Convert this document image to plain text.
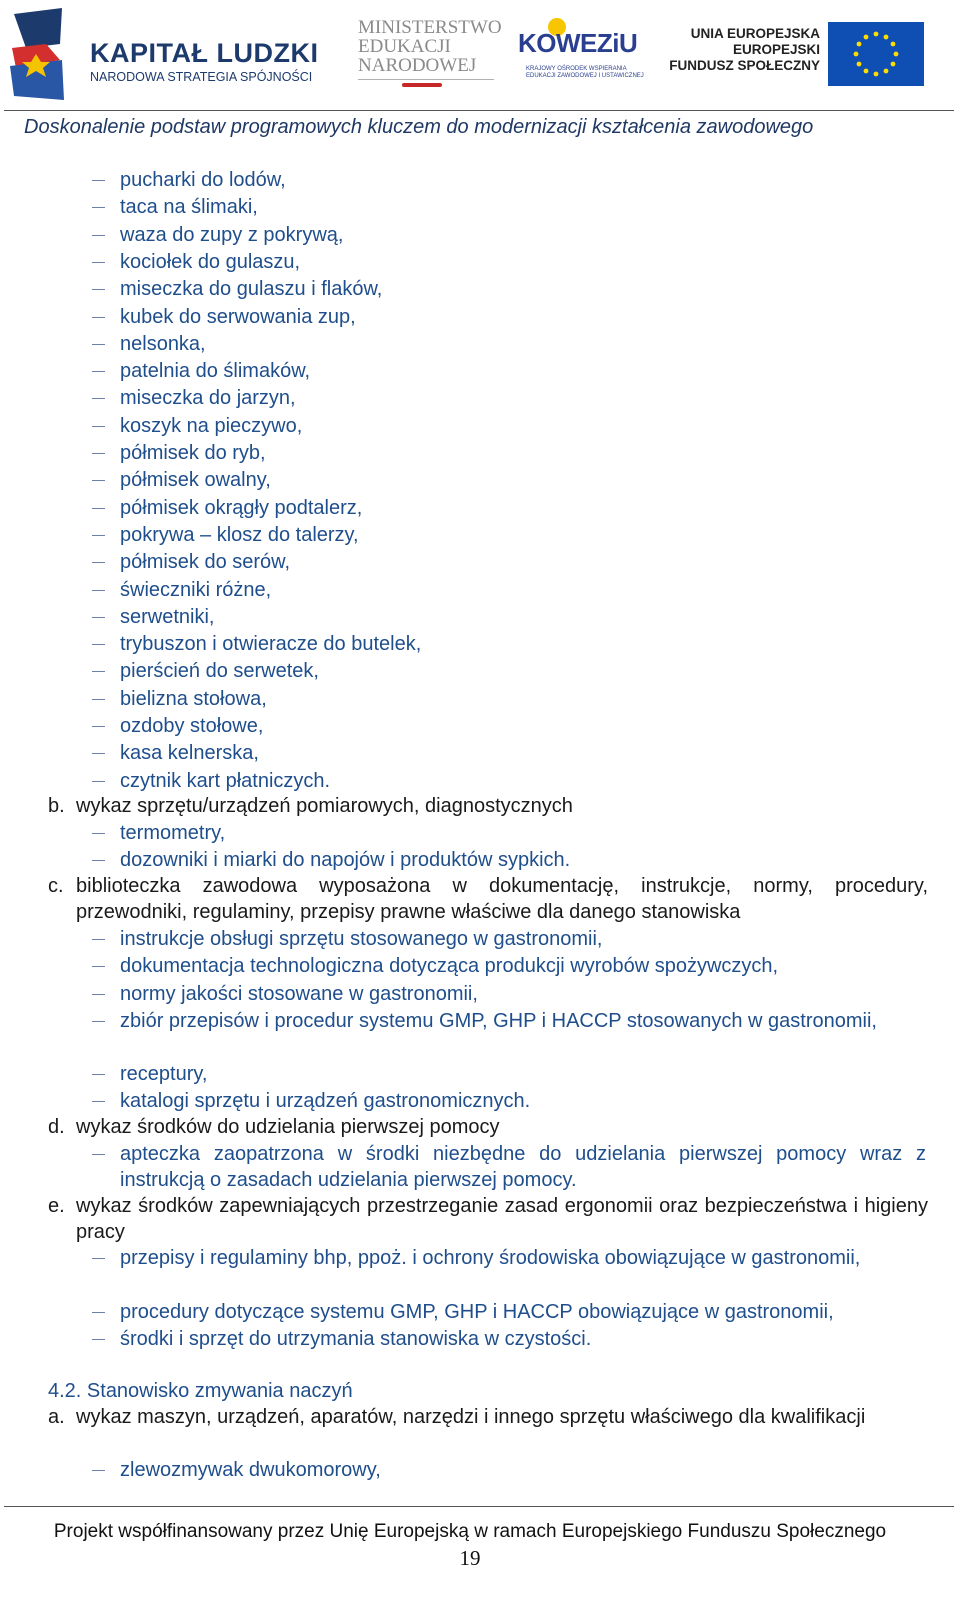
KAPITAŁ LUDZKI
NARODOWA STRATEGIA SPÓJNOŚCI
MINISTERSTWO
EDUKACJI
NARODOWEJ
KOWEZiU
KRAJOWY OŚRODEK WSPIERANIA
EDUKACJI ZAWODOWEJ I USTAWICZNEJ
UNIA EUROPEJSKA
EUROPEJSKI
FUNDUSZ SPOŁECZNY
Doskonalenie podstaw programowych kluczem do modernizacji kształcenia zawodowego
pucharki do lodów,
taca na ślimaki,
waza do zupy z pokrywą,
kociołek do gulaszu,
miseczka do gulaszu i flaków,
kubek do serwowania zup,
nelsonka,
patelnia do ślimaków,
miseczka do jarzyn,
koszyk na pieczywo,
półmisek do ryb,
półmisek owalny,
półmisek okrągły podtalerz,
pokrywa – klosz do talerzy,
półmisek do serów,
świeczniki różne,
serwetniki,
trybuszon i otwieracze do butelek,
pierścień do serwetek,
bielizna stołowa,
ozdoby stołowe,
kasa kelnerska,
czytnik kart płatniczych.
b. wykaz sprzętu/urządzeń pomiarowych, diagnostycznych
termometry,
dozowniki i miarki do napojów i produktów sypkich.
c. biblioteczka zawodowa wyposażona w dokumentację, instrukcje, normy, procedury, przewodniki, regulaminy, przepisy prawne właściwe dla danego stanowiska
instrukcje obsługi sprzętu stosowanego w gastronomii,
dokumentacja technologiczna dotycząca produkcji wyrobów spożywczych,
normy jakości stosowane w gastronomii,
zbiór przepisów i procedur systemu GMP, GHP i HACCP stosowanych w gastronomii,
receptury,
katalogi sprzętu i urządzeń gastronomicznych.
d. wykaz środków do udzielania pierwszej pomocy
apteczka zaopatrzona w środki niezbędne do udzielania pierwszej pomocy wraz z instrukcją o zasadach udzielania pierwszej pomocy.
e. wykaz środków zapewniających przestrzeganie zasad ergonomii oraz bezpieczeństwa i higieny pracy
przepisy i regulaminy bhp, ppoż. i ochrony środowiska obowiązujące w gastronomii,
procedury dotyczące systemu GMP, GHP i HACCP obowiązujące w gastronomii,
środki i sprzęt do utrzymania stanowiska w czystości.
4.2. Stanowisko zmywania naczyń
a. wykaz maszyn, urządzeń, aparatów, narzędzi i innego sprzętu właściwego dla kwalifikacji
zlewozmywak dwukomorowy,
Projekt współfinansowany przez Unię Europejską w ramach Europejskiego Funduszu Społecznego
19
